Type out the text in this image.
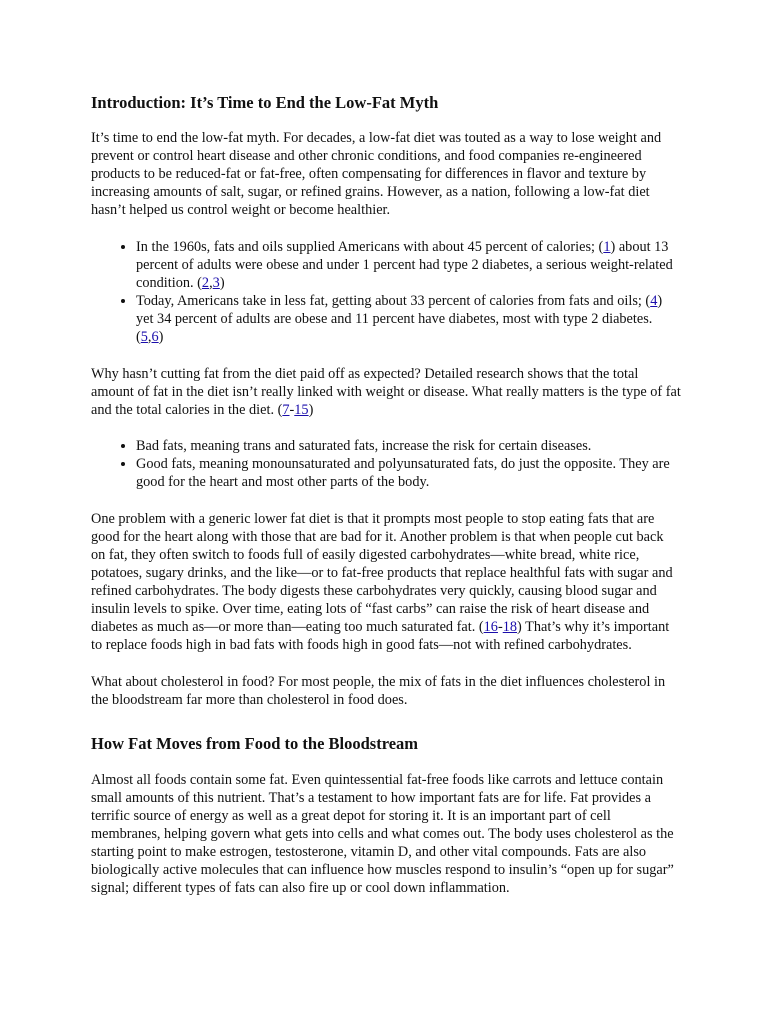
Introduction: It’s Time to End the Low-Fat Myth

It’s time to end the low-fat myth. For decades, a low-fat diet was touted as a way to lose weight and prevent or control heart disease and other chronic conditions, and food companies re-engineered products to be reduced-fat or fat-free, often compensating for differences in flavor and texture by increasing amounts of salt, sugar, or refined grains. However, as a nation, following a low-fat diet hasn’t helped us control weight or become healthier.

• In the 1960s, fats and oils supplied Americans with about 45 percent of calories; (1) about 13 percent of adults were obese and under 1 percent had type 2 diabetes, a serious weight-related condition. (2,3)
• Today, Americans take in less fat, getting about 33 percent of calories from fats and oils; (4) yet 34 percent of adults are obese and 11 percent have diabetes, most with type 2 diabetes. (5,6)

Why hasn’t cutting fat from the diet paid off as expected? Detailed research shows that the total amount of fat in the diet isn’t really linked with weight or disease. What really matters is the type of fat and the total calories in the diet. (7-15)

• Bad fats, meaning trans and saturated fats, increase the risk for certain diseases.
• Good fats, meaning monounsaturated and polyunsaturated fats, do just the opposite. They are good for the heart and most other parts of the body.

One problem with a generic lower fat diet is that it prompts most people to stop eating fats that are good for the heart along with those that are bad for it. Another problem is that when people cut back on fat, they often switch to foods full of easily digested carbohydrates—white bread, white rice, potatoes, sugary drinks, and the like—or to fat-free products that replace healthful fats with sugar and refined carbohydrates. The body digests these carbohydrates very quickly, causing blood sugar and insulin levels to spike. Over time, eating lots of “fast carbs” can raise the risk of heart disease and diabetes as much as—or more than—eating too much saturated fat. (16-18) That’s why it’s important to replace foods high in bad fats with foods high in good fats—not with refined carbohydrates.

What about cholesterol in food? For most people, the mix of fats in the diet influences cholesterol in the bloodstream far more than cholesterol in food does.

How Fat Moves from Food to the Bloodstream

Almost all foods contain some fat. Even quintessential fat-free foods like carrots and lettuce contain small amounts of this nutrient. That’s a testament to how important fats are for life. Fat provides a terrific source of energy as well as a great depot for storing it. It is an important part of cell membranes, helping govern what gets into cells and what comes out. The body uses cholesterol as the starting point to make estrogen, testosterone, vitamin D, and other vital compounds. Fats are also biologically active molecules that can influence how muscles respond to insulin’s “open up for sugar” signal; different types of fats can also fire up or cool down inflammation.
